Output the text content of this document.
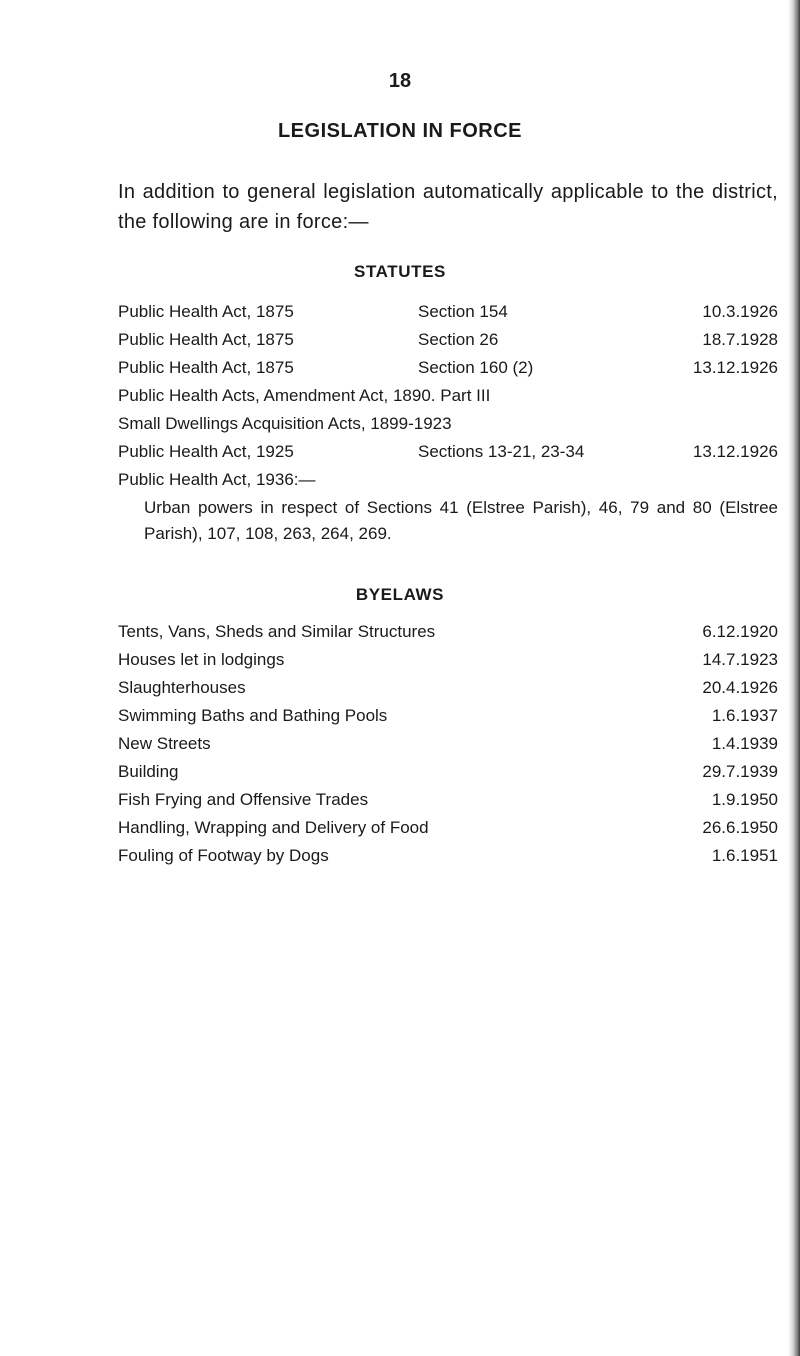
18
LEGISLATION IN FORCE
In addition to general legislation automatically applicable to the district, the following are in force:—
STATUTES
Public Health Act, 1875	Section 154	10.3.1926
Public Health Act, 1875	Section 26	18.7.1928
Public Health Act, 1875	Section 160 (2)	13.12.1926
Public Health Acts, Amendment Act, 1890. Part III
Small Dwellings Acquisition Acts, 1899-1923
Public Health Act, 1925	Sections 13-21, 23-34	13.12.1926
Public Health Act, 1936:—
Urban powers in respect of Sections 41 (Elstree Parish), 46, 79 and 80 (Elstree Parish), 107, 108, 263, 264, 269.
BYELAWS
Tents, Vans, Sheds and Similar Structures	6.12.1920
Houses let in lodgings	14.7.1923
Slaughterhouses	20.4.1926
Swimming Baths and Bathing Pools	1.6.1937
New Streets	1.4.1939
Building	29.7.1939
Fish Frying and Offensive Trades	1.9.1950
Handling, Wrapping and Delivery of Food	26.6.1950
Fouling of Footway by Dogs	1.6.1951
